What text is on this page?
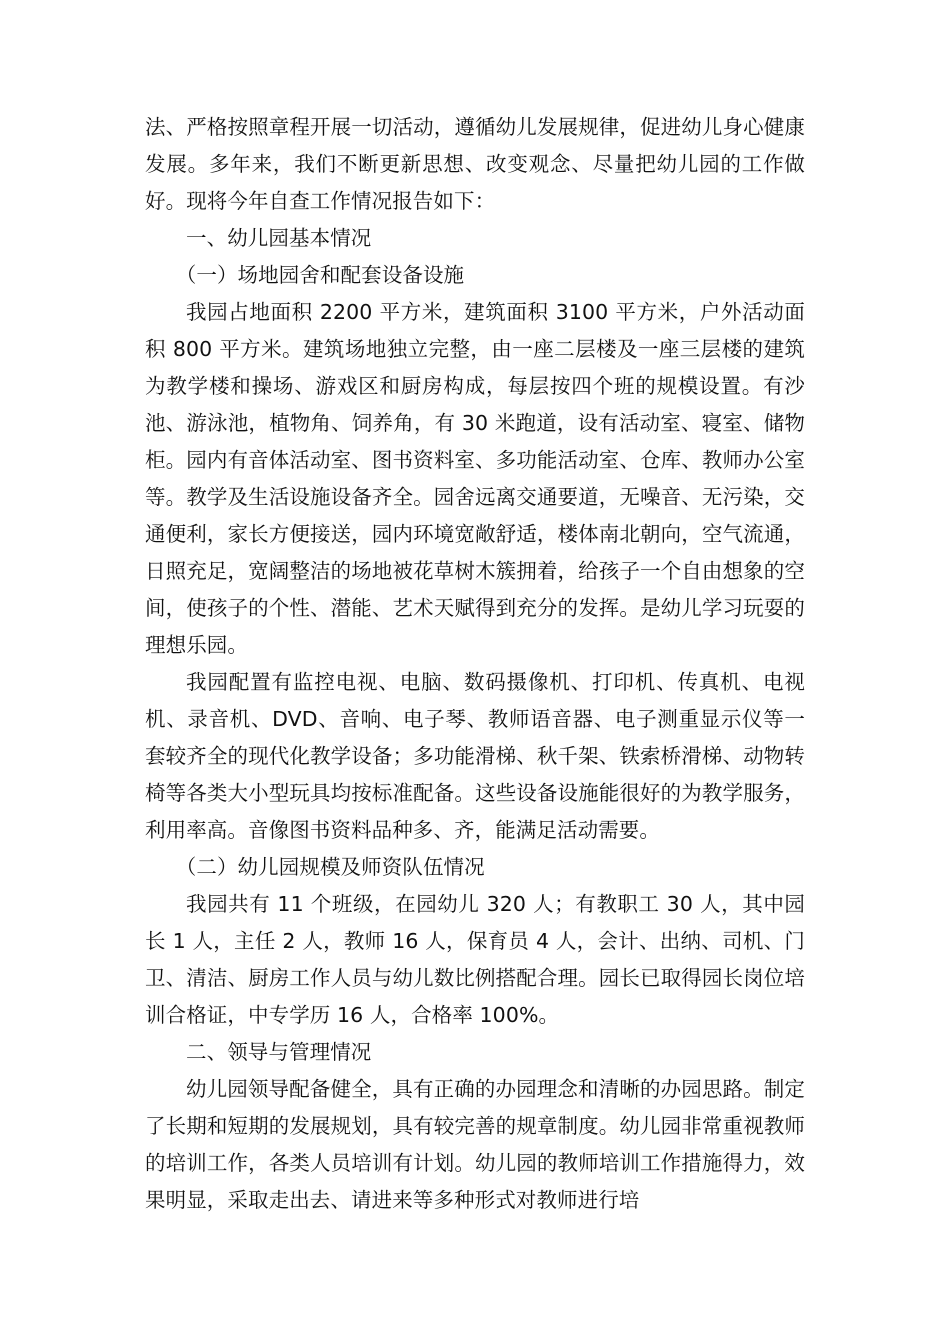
法、严格按照章程开展一切活动，遵循幼儿发展规律，促进幼儿身心健康发展。多年来，我们不断更新思想、改变观念、尽量把幼儿园的工作做好。现将今年自查工作情况报告如下：

一、幼儿园基本情况

（一）场地园舍和配套设备设施

我园占地面积 2200 平方米，建筑面积 3100 平方米，户外活动面积 800 平方米。建筑场地独立完整，由一座二层楼及一座三层楼的建筑为教学楼和操场、游戏区和厨房构成，每层按四个班的规模设置。有沙池、游泳池，植物角、饲养角，有 30 米跑道，设有活动室、寝室、储物柜。园内有音体活动室、图书资料室、多功能活动室、仓库、教师办公室等。教学及生活设施设备齐全。园舍远离交通要道，无噪音、无污染，交通便利，家长方便接送，园内环境宽敞舒适，楼体南北朝向，空气流通，日照充足，宽阔整洁的场地被花草树木簇拥着，给孩子一个自由想象的空间，使孩子的个性、潜能、艺术天赋得到充分的发挥。是幼儿学习玩耍的理想乐园。

我园配置有监控电视、电脑、数码摄像机、打印机、传真机、电视机、录音机、DVD、音响、电子琴、教师语音器、电子测重显示仪等一套较齐全的现代化教学设备；多功能滑梯、秋千架、铁索桥滑梯、动物转椅等各类大小型玩具均按标准配备。这些设备设施能很好的为教学服务，利用率高。音像图书资料品种多、齐，能满足活动需要。

（二）幼儿园规模及师资队伍情况

我园共有 11 个班级，在园幼儿 320 人；有教职工 30 人，其中园长 1 人，主任 2 人，教师 16 人，保育员 4 人，会计、出纳、司机、门卫、清洁、厨房工作人员与幼儿数比例搭配合理。园长已取得园长岗位培训合格证，中专学历 16 人，合格率 100%。

二、领导与管理情况

幼儿园领导配备健全，具有正确的办园理念和清晰的办园思路。制定了长期和短期的发展规划，具有较完善的规章制度。幼儿园非常重视教师的培训工作，各类人员培训有计划。幼儿园的教师培训工作措施得力，效果明显，采取走出去、请进来等多种形式对教师进行培
